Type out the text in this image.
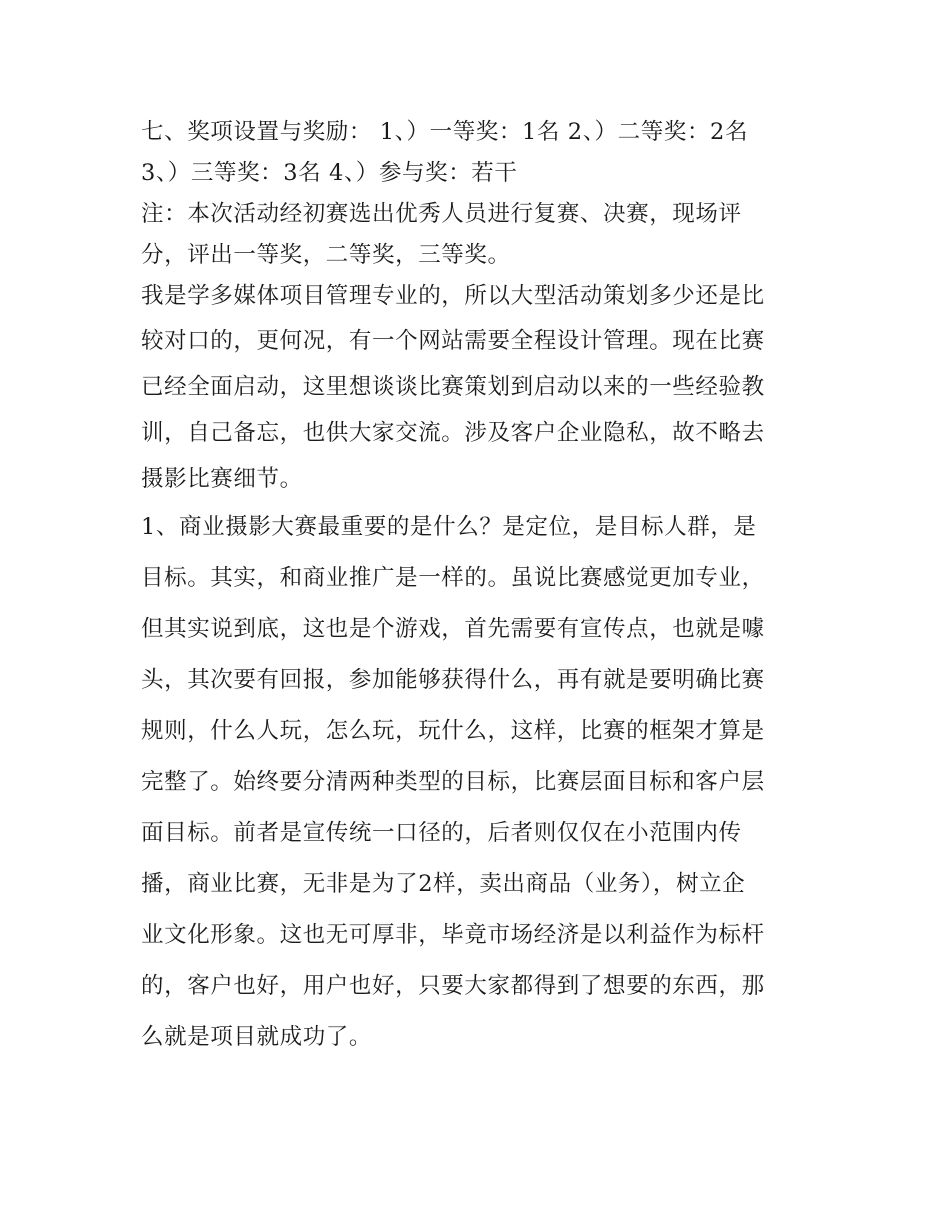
七、奖项设置与奖励： 1、）一等奖：1名 2、）二等奖：2名
3、）三等奖：3名 4、）参与奖：若干
注：本次活动经初赛选出优秀人员进行复赛、决赛，现场评
分，评出一等奖，二等奖，三等奖。
我是学多媒体项目管理专业的，所以大型活动策划多少还是比
较对口的，更何况，有一个网站需要全程设计管理。现在比赛
已经全面启动，这里想谈谈比赛策划到启动以来的一些经验教
训，自己备忘，也供大家交流。涉及客户企业隐私，故不略去
摄影比赛细节。
1、商业摄影大赛最重要的是什么？是定位，是目标人群，是
目标。其实，和商业推广是一样的。虽说比赛感觉更加专业，
但其实说到底，这也是个游戏，首先需要有宣传点，也就是噱
头，其次要有回报，参加能够获得什么，再有就是要明确比赛
规则，什么人玩，怎么玩，玩什么，这样，比赛的框架才算是
完整了。始终要分清两种类型的目标，比赛层面目标和客户层
面目标。前者是宣传统一口径的，后者则仅仅在小范围内传
播，商业比赛，无非是为了2样，卖出商品（业务），树立企
业文化形象。这也无可厚非，毕竟市场经济是以利益作为标杆
的，客户也好，用户也好，只要大家都得到了想要的东西，那
么就是项目就成功了。
